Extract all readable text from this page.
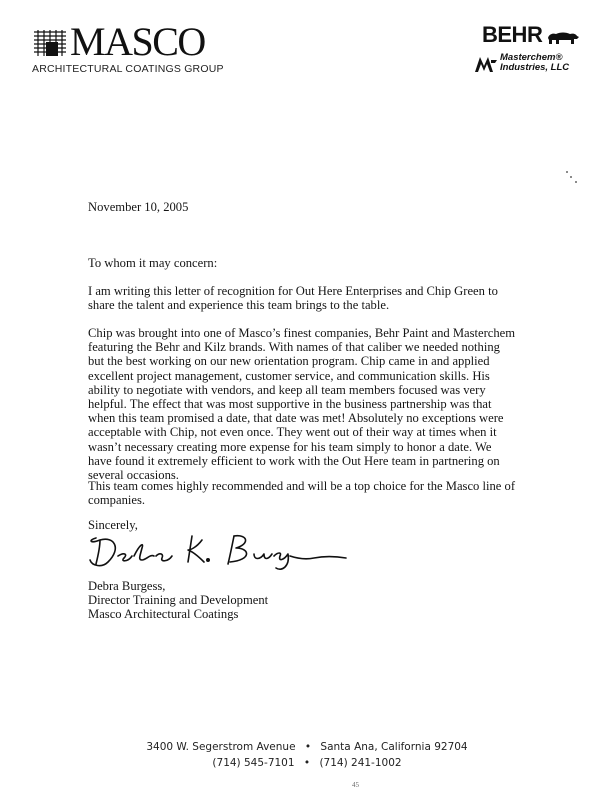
MASCO
ARCHITECTURAL COATINGS GROUP
BEHR
Masterchem®
Industries, LLC

November 10, 2005

To whom it may concern:

I am writing this letter of recognition for Out Here Enterprises and Chip Green to share the talent and experience this team brings to the table.

Chip was brought into one of Masco’s finest companies, Behr Paint and Masterchem featuring the Behr and Kilz brands. With names of that caliber we needed nothing but the best working on our new orientation program. Chip came in and applied excellent project management, customer service, and communication skills. His ability to negotiate with vendors, and keep all team members focused was very helpful. The effect that was most supportive in the business partnership was that when this team promised a date, that date was met! Absolutely no exceptions were acceptable with Chip, not even once. They went out of their way at times when it wasn’t necessary creating more expense for his team simply to honor a date. We have found it extremely efficient to work with the Out Here team in partnering on several occasions.

This team comes highly recommended and will be a top choice for the Masco line of companies.

Sincerely,

Debra Burgess,
Director Training and Development
Masco Architectural Coatings
3400 W. Segerstrom Avenue • Santa Ana, California 92704
(714) 545-7101 • (714) 241-1002
45
